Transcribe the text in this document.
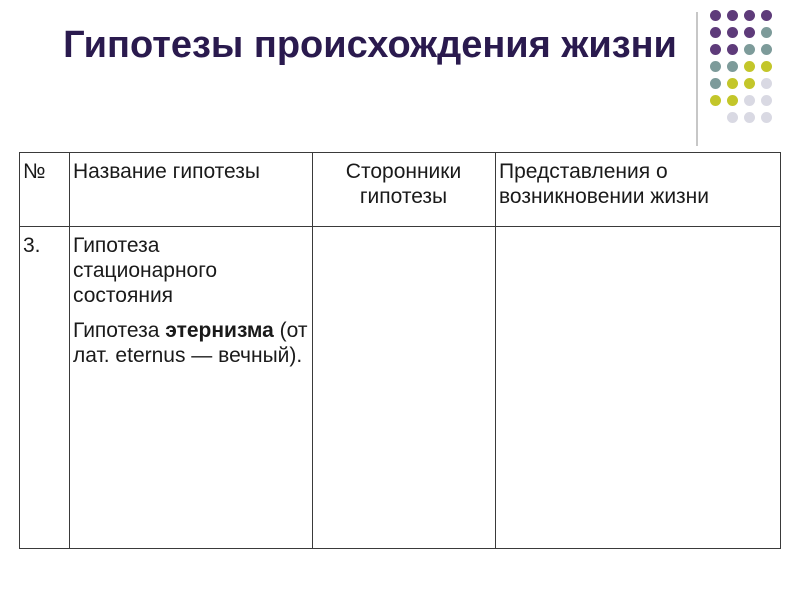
Гипотезы происхождения жизни
№	Название гипотезы	Сторонники гипотезы	Представления о возникновении жизни
3.	Гипотеза стационарного состояния

Гипотеза этернизма (от лат. eternus — вечный).		
